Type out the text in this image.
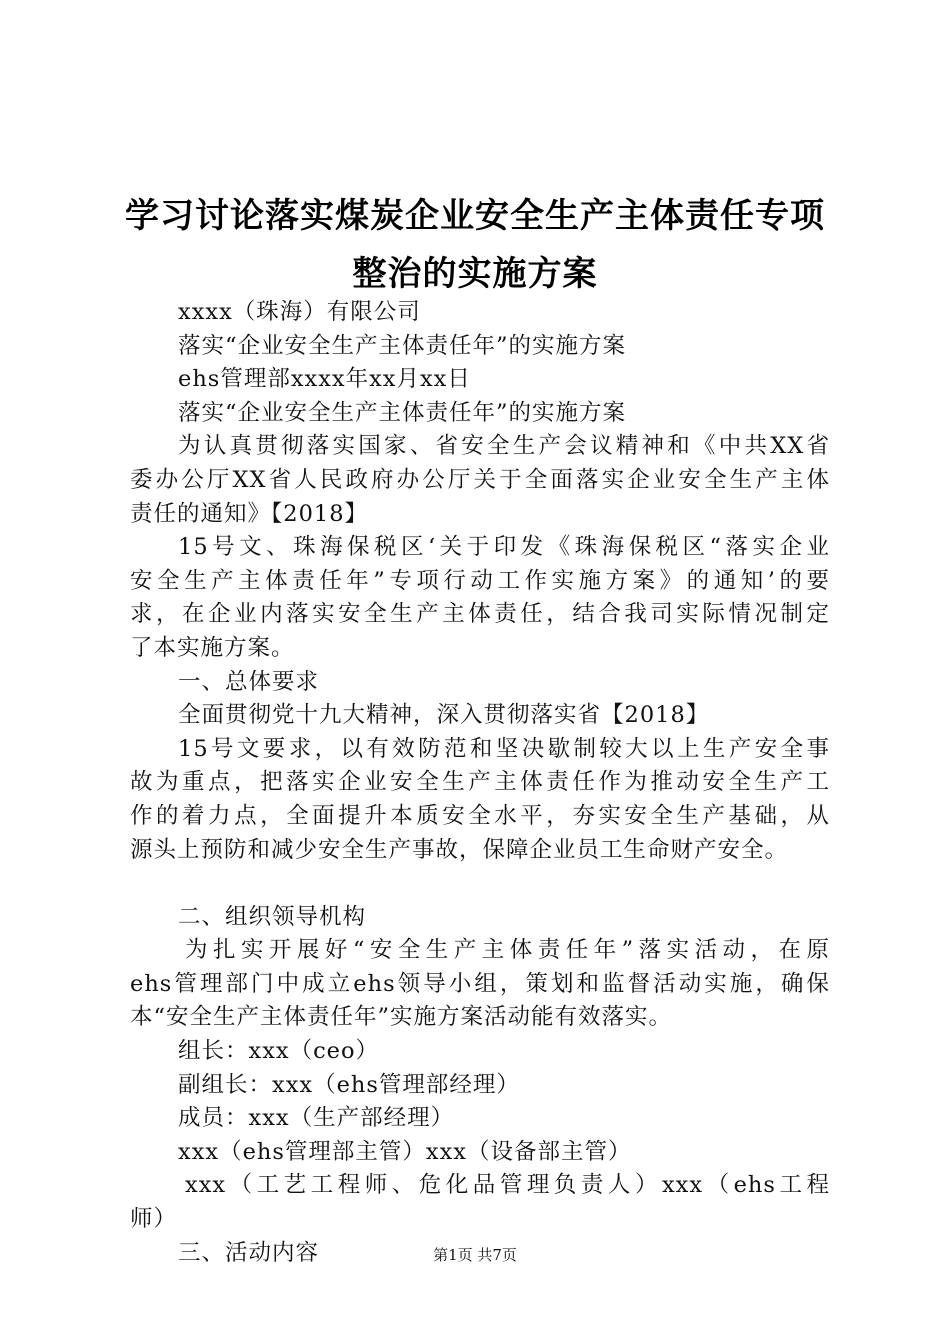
学习讨论落实煤炭企业安全生产主体责任专项
整治的实施方案
xxxx（珠海）有限公司
落实“企业安全生产主体责任年”的实施方案
ehs管理部xxxx年xx月xx日
落实“企业安全生产主体责任年”的实施方案
为认真贯彻落实国家、省安全生产会议精神和《中共XX省
委办公厅XX省人民政府办公厅关于全面落实企业安全生产主体
责任的通知》【2018】
15号文、珠海保税区‘关于印发《珠海保税区“落实企业
安全生产主体责任年”专项行动工作实施方案》的通知’的要
求，在企业内落实安全生产主体责任，结合我司实际情况制定
了本实施方案。
一、总体要求
全面贯彻党十九大精神，深入贯彻落实省【2018】
15号文要求，以有效防范和坚决歇制较大以上生产安全事
故为重点，把落实企业安全生产主体责任作为推动安全生产工
作的着力点，全面提升本质安全水平，夯实安全生产基础，从
源头上预防和减少安全生产事故，保障企业员工生命财产安全。
二、组织领导机构
为扎实开展好“安全生产主体责任年”落实活动，在原
ehs管理部门中成立ehs领导小组，策划和监督活动实施，确保
本“安全生产主体责任年”实施方案活动能有效落实。
组长：xxx（ceo）
副组长：xxx（ehs管理部经理）
成员：xxx（生产部经理）
xxx（ehs管理部主管）xxx（设备部主管）
xxx（工艺工程师、危化品管理负责人）xxx（ehs工程
师）
三、活动内容	第1页 共7页
